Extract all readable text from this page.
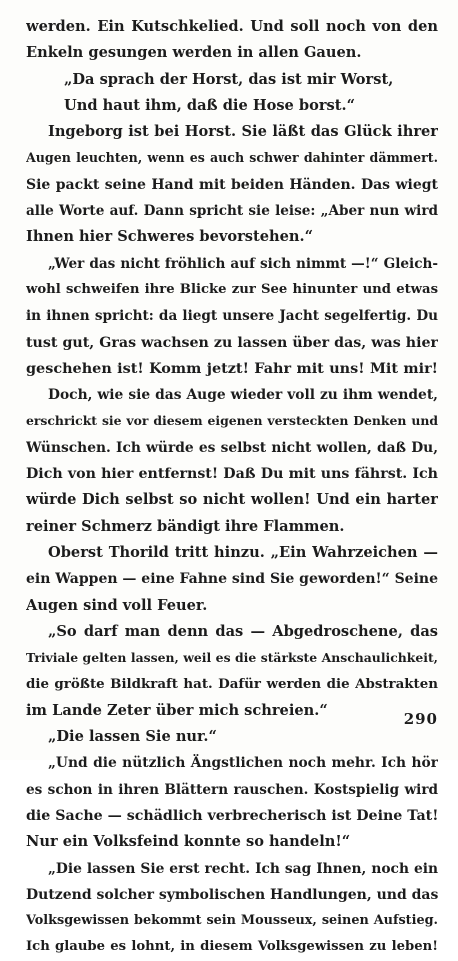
werden. Ein Kutschkelied. Und soll noch von den
Enkeln gesungen werden in allen Gauen.
„Da sprach der Horst, das ist mir Worst,
Und haut ihm, daß die Hose borst.“
Ingeborg ist bei Horst. Sie läßt das Glück ihrer
Augen leuchten, wenn es auch schwer dahinter dämmert.
Sie packt seine Hand mit beiden Händen. Das wiegt
alle Worte auf. Dann spricht sie leise: „Aber nun wird
Ihnen hier Schweres bevorstehen.“
„Wer das nicht fröhlich auf sich nimmt —!“ Gleich-
wohl schweifen ihre Blicke zur See hinunter und etwas
in ihnen spricht: da liegt unsere Jacht segelfertig. Du
tust gut, Gras wachsen zu lassen über das, was hier
geschehen ist! Komm jetzt! Fahr mit uns! Mit mir!
Doch, wie sie das Auge wieder voll zu ihm wendet,
erschrickt sie vor diesem eigenen versteckten Denken und
Wünschen. Ich würde es selbst nicht wollen, daß Du,
Dich von hier entfernst! Daß Du mit uns fährst. Ich
würde Dich selbst so nicht wollen! Und ein harter
reiner Schmerz bändigt ihre Flammen.
Oberst Thorild tritt hinzu. „Ein Wahrzeichen —
ein Wappen — eine Fahne sind Sie geworden!“ Seine
Augen sind voll Feuer.
„So darf man denn das — Abgedroschene, das
Triviale gelten lassen, weil es die stärkste Anschaulichkeit,
die größte Bildkraft hat. Dafür werden die Abstrakten
im Lande Zeter über mich schreien.“
„Die lassen Sie nur.“
„Und die nützlich Ängstlichen noch mehr. Ich hör
es schon in ihren Blättern rauschen. Kostspielig wird
die Sache — schädlich verbrecherisch ist Deine Tat!
Nur ein Volksfeind konnte so handeln!“
„Die lassen Sie erst recht. Ich sag Ihnen, noch ein
Dutzend solcher symbolischen Handlungen, und das
Volksgewissen bekommt sein Mousseux, seinen Aufstieg.
Ich glaube es lohnt, in diesem Volksgewissen zu leben!
290
